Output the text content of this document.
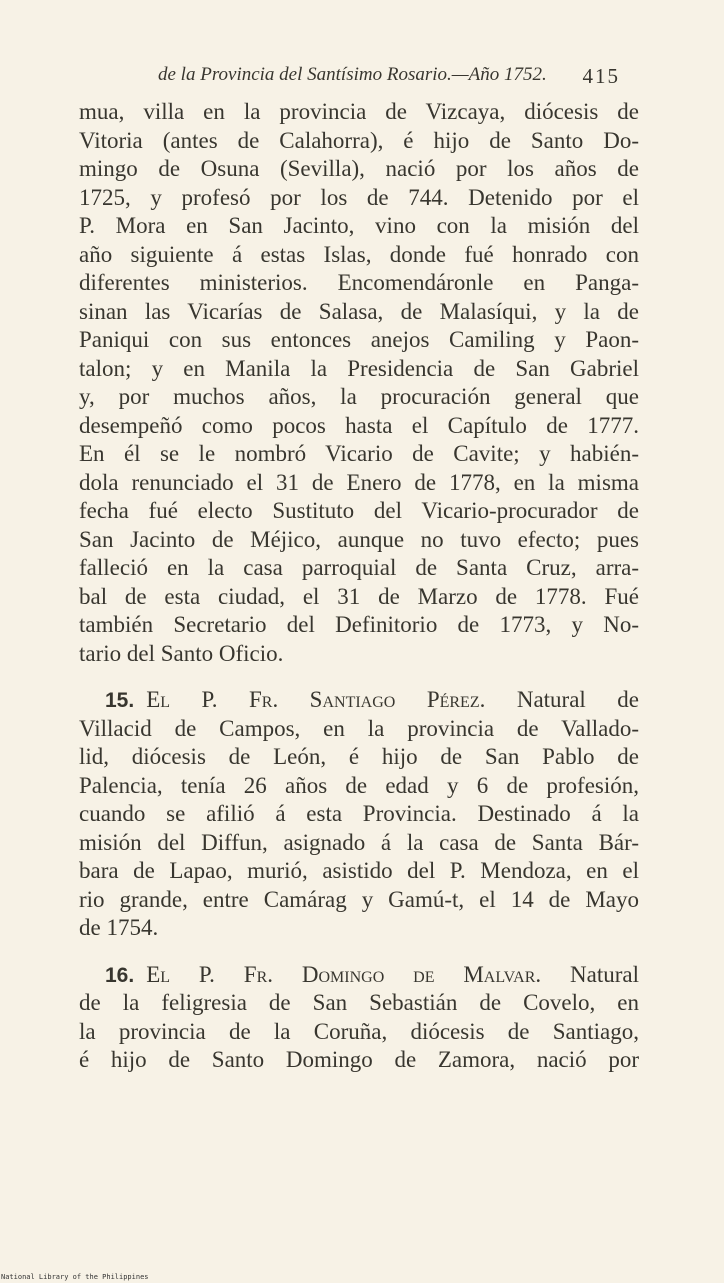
de la Provincia del Santísimo Rosario.—Año 1752. 415
mua, villa en la provincia de Vizcaya, diócesis de
Vitoria (antes de Calahorra), é hijo de Santo Do-
mingo de Osuna (Sevilla), nació por los años de
1725, y profesó por los de 744. Detenido por el
P. Mora en San Jacinto, vino con la misión del
año siguiente á estas Islas, donde fué honrado con
diferentes ministerios. Encomendáronle en Panga-
sinan las Vicarías de Salasa, de Malasíqui, y la de
Paniqui con sus entonces anejos Camiling y Paon-
talon; y en Manila la Presidencia de San Gabriel
y, por muchos años, la procuración general que
desempeñó como pocos hasta el Capítulo de 1777.
En él se le nombró Vicario de Cavite; y habién-
dola renunciado el 31 de Enero de 1778, en la misma
fecha fué electo Sustituto del Vicario-procurador de
San Jacinto de Méjico, aunque no tuvo efecto; pues
falleció en la casa parroquial de Santa Cruz, arra-
bal de esta ciudad, el 31 de Marzo de 1778. Fué
también Secretario del Definitorio de 1773, y No-
tario del Santo Oficio.
15. El P. Fr. Santiago Pérez. Natural de
Villacid de Campos, en la provincia de Vallado-
lid, diócesis de León, é hijo de San Pablo de
Palencia, tenía 26 años de edad y 6 de profesión,
cuando se afilió á esta Provincia. Destinado á la
misión del Diffun, asignado á la casa de Santa Bár-
bara de Lapao, murió, asistido del P. Mendoza, en el
rio grande, entre Camárag y Gamú-t, el 14 de Mayo
de 1754.
16. El P. Fr. Domingo de Malvar. Natural
de la feligresia de San Sebastián de Covelo, en
la provincia de la Coruña, diócesis de Santiago,
é hijo de Santo Domingo de Zamora, nació por
National Library of the Philippines
